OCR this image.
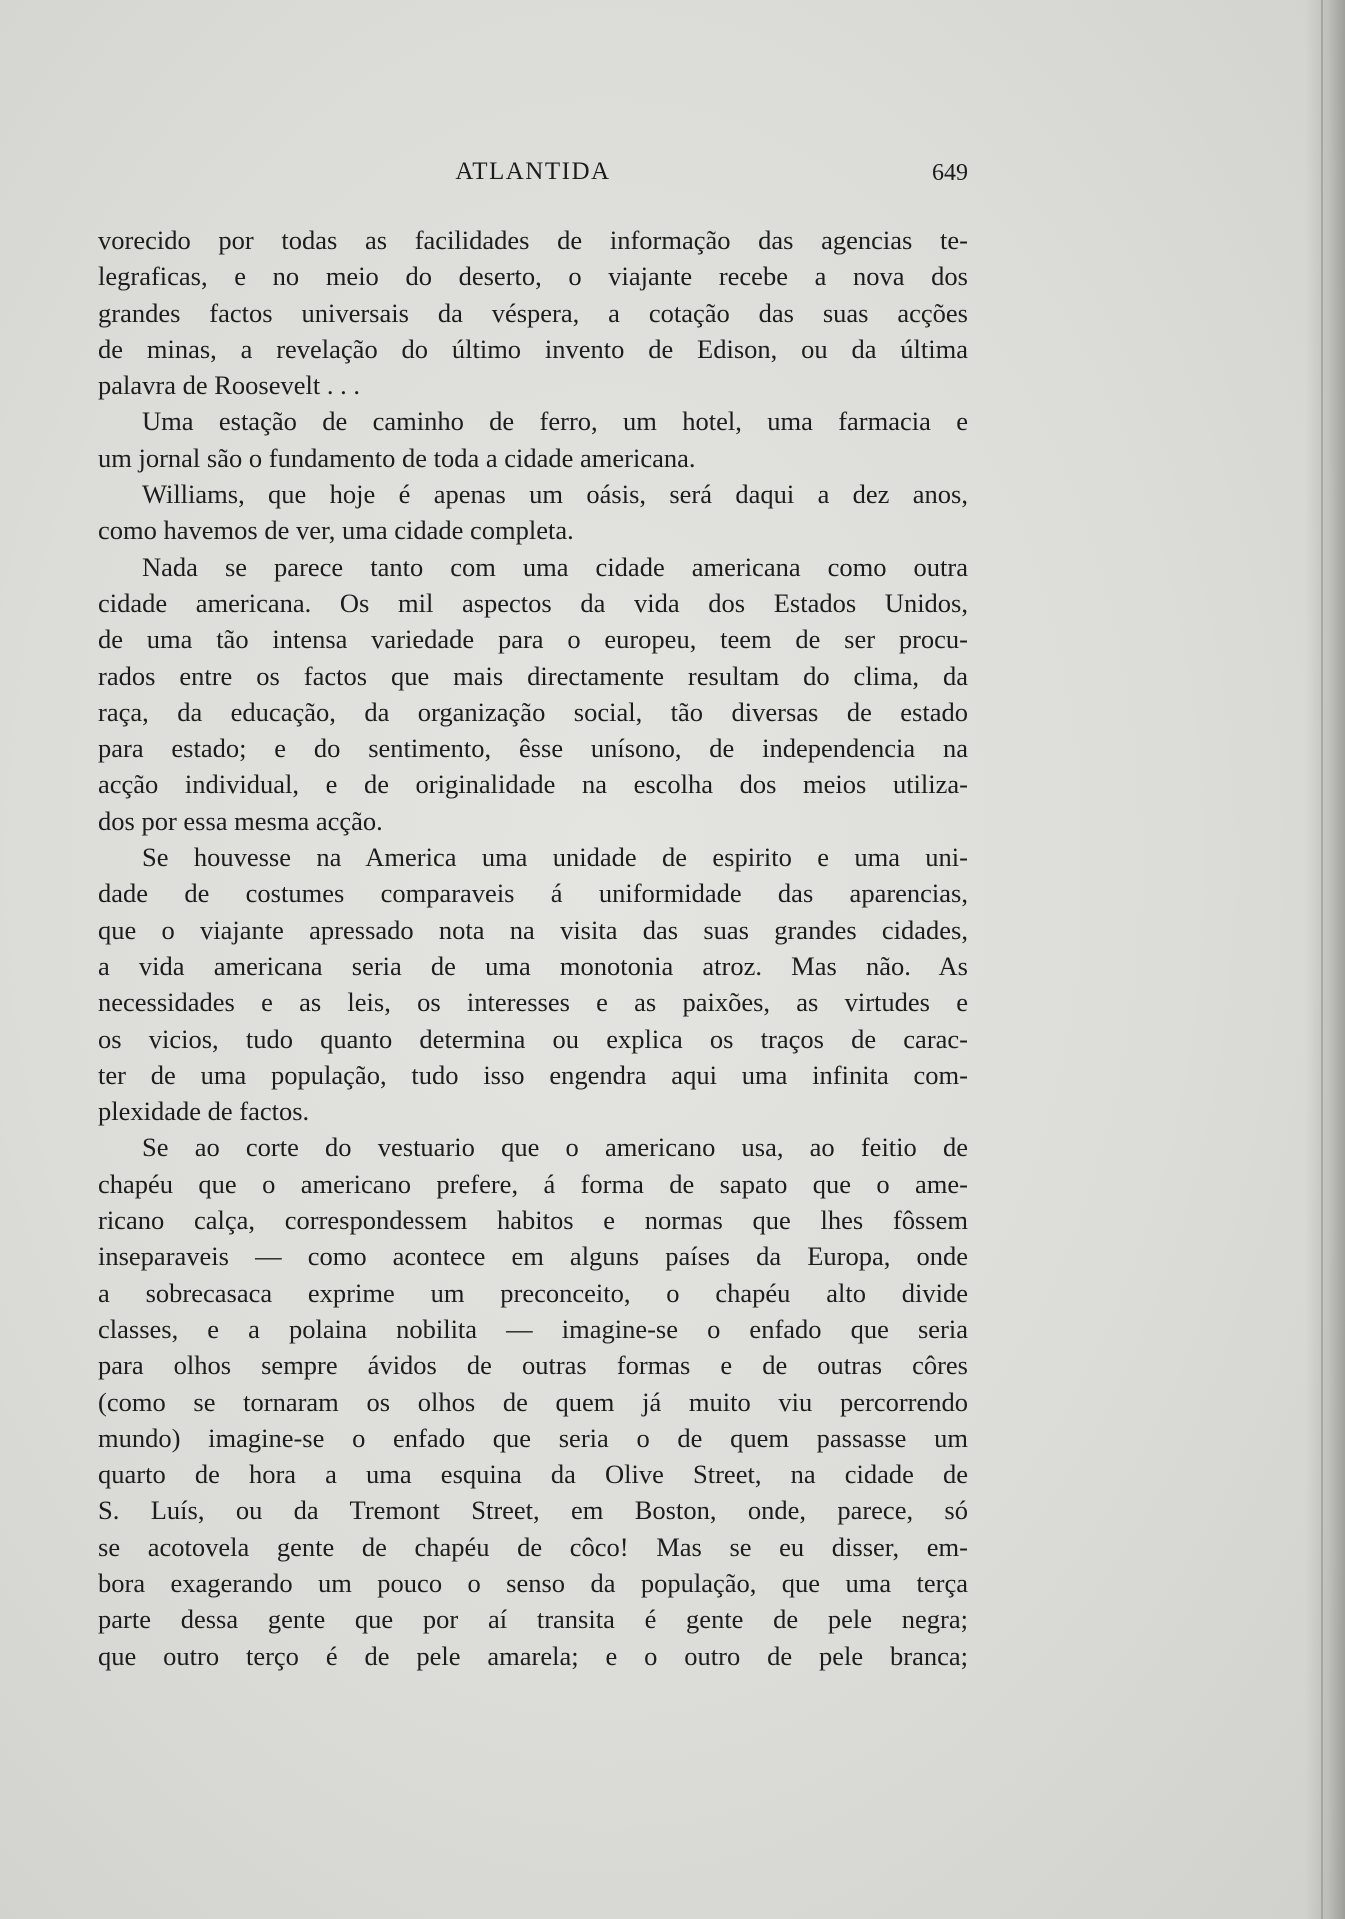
ATLANTIDA	649
vorecido por todas as facilidades de informação das agencias te-
legraficas, e no meio do deserto, o viajante recebe a nova dos
grandes factos universais da véspera, a cotação das suas acções
de minas, a revelação do último invento de Edison, ou da última
palavra de Roosevelt . . .
Uma estação de caminho de ferro, um hotel, uma farmacia e
um jornal são o fundamento de toda a cidade americana.
Williams, que hoje é apenas um oásis, será daqui a dez anos,
como havemos de ver, uma cidade completa.
Nada se parece tanto com uma cidade americana como outra
cidade americana. Os mil aspectos da vida dos Estados Unidos,
de uma tão intensa variedade para o europeu, teem de ser procu-
rados entre os factos que mais directamente resultam do clima, da
raça, da educação, da organização social, tão diversas de estado
para estado; e do sentimento, êsse unísono, de independencia na
acção individual, e de originalidade na escolha dos meios utiliza-
dos por essa mesma acção.
Se houvesse na America uma unidade de espirito e uma uni-
dade de costumes comparaveis á uniformidade das aparencias,
que o viajante apressado nota na visita das suas grandes cidades,
a vida americana seria de uma monotonia atroz. Mas não. As
necessidades e as leis, os interesses e as paixões, as virtudes e
os vicios, tudo quanto determina ou explica os traços de carac-
ter de uma população, tudo isso engendra aqui uma infinita com-
plexidade de factos.
Se ao corte do vestuario que o americano usa, ao feitio de
chapéu que o americano prefere, á forma de sapato que o ame-
ricano calça, correspondessem habitos e normas que lhes fôssem
inseparaveis — como acontece em alguns países da Europa, onde
a sobrecasaca exprime um preconceito, o chapéu alto divide
classes, e a polaina nobilita — imagine-se o enfado que seria
para olhos sempre ávidos de outras formas e de outras côres
(como se tornaram os olhos de quem já muito viu percorrendo
mundo) imagine-se o enfado que seria o de quem passasse um
quarto de hora a uma esquina da Olive Street, na cidade de
S. Luís, ou da Tremont Street, em Boston, onde, parece, só
se acotovela gente de chapéu de côco! Mas se eu disser, em-
bora exagerando um pouco o senso da população, que uma terça
parte dessa gente que por aí transita é gente de pele negra;
que outro terço é de pele amarela; e o outro de pele branca;
